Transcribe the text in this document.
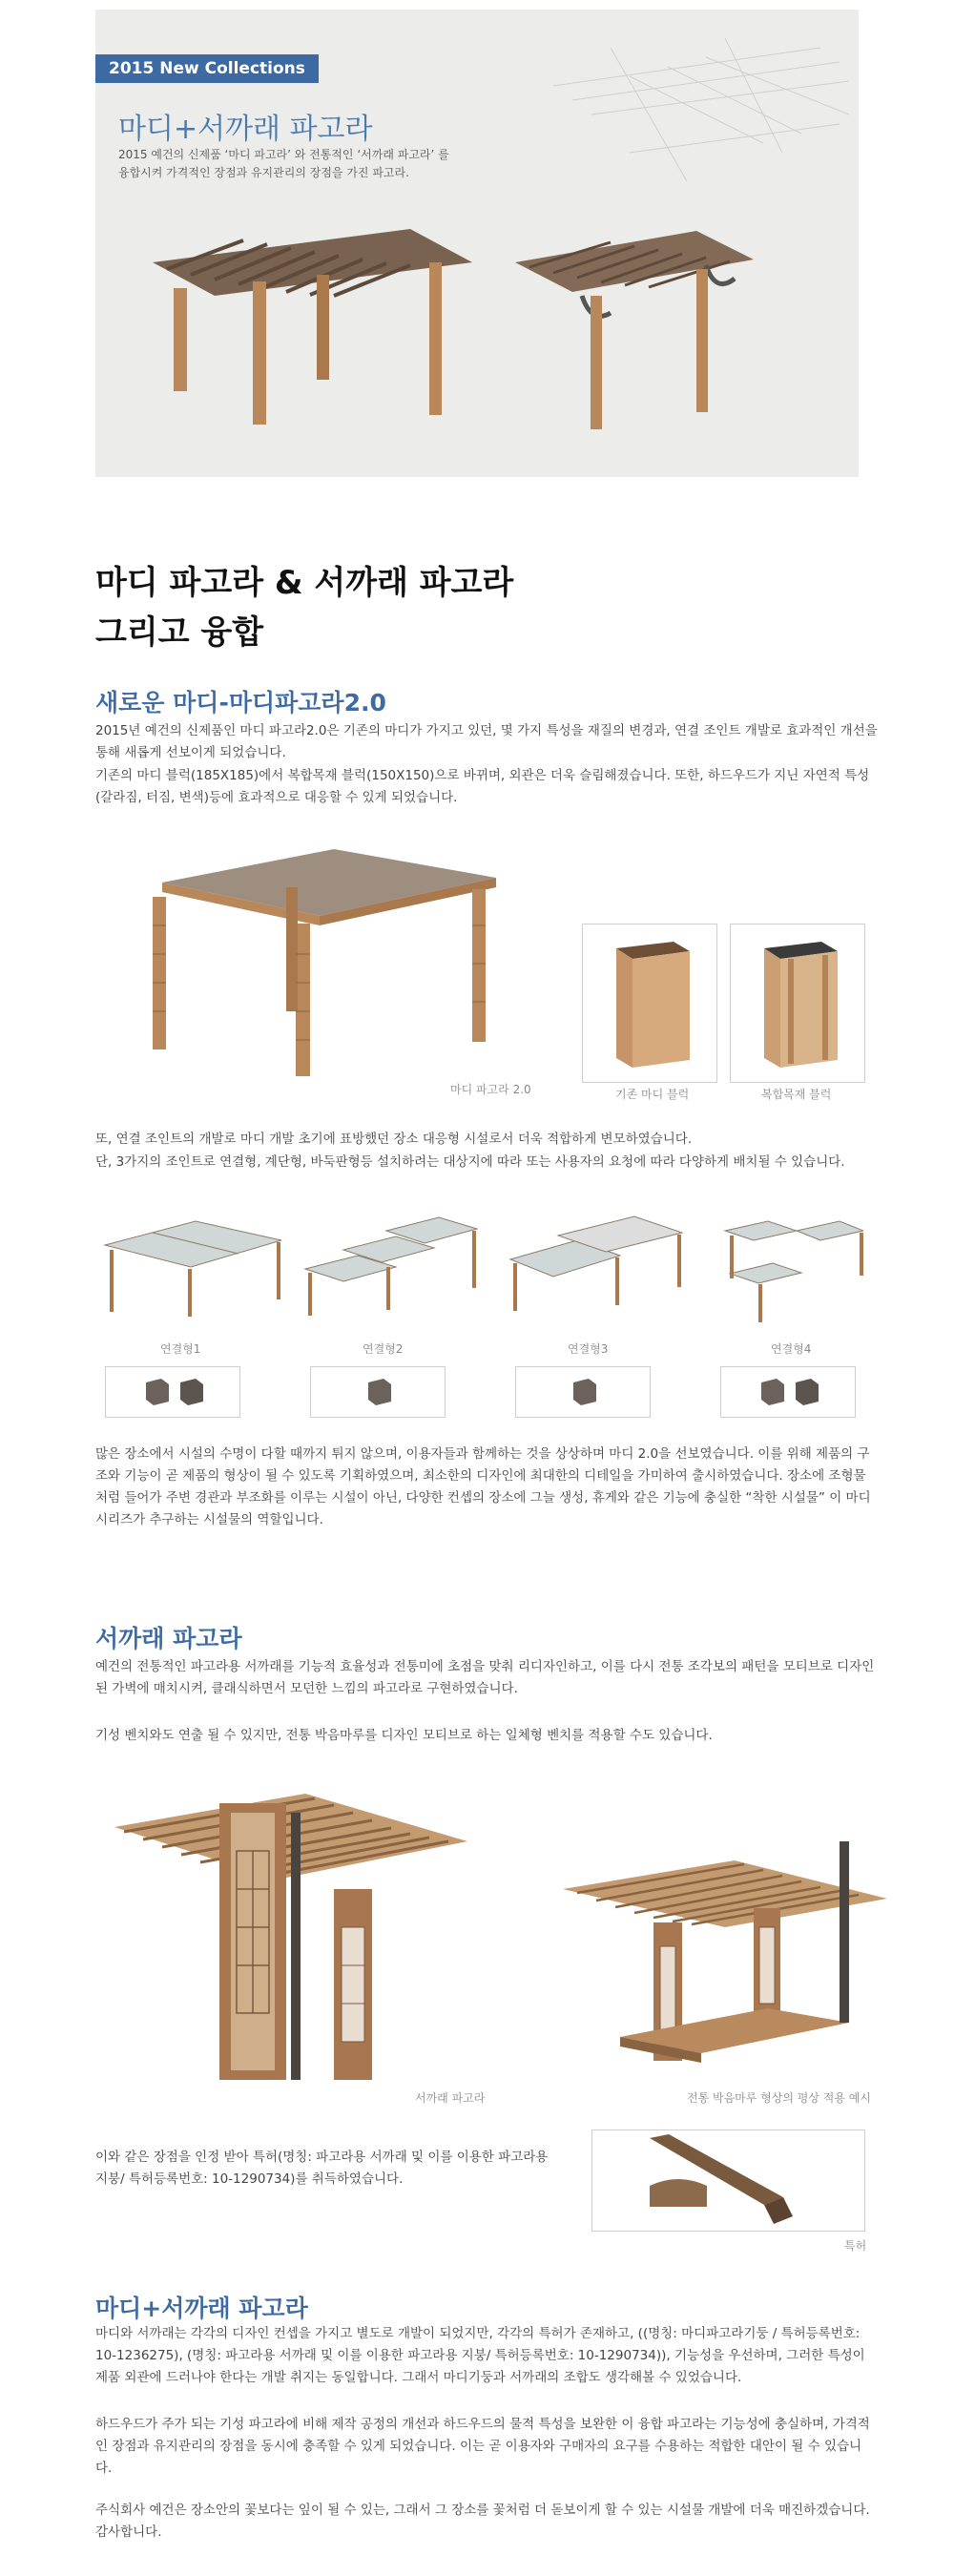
2015 New Collections
마디+서까래 파고라
2015 예건의 신제품 ‘마디 파고라’ 와 전통적인 ‘서까래 파고라’ 를
융합시켜 가격적인 장점과 유지관리의 장점을 가진 파고라.
마디 파고라 & 서까래 파고라
그리고 융합
새로운 마디-마디파고라2.0
2015년 예건의 신제품인 마디 파고라2.0은 기존의 마디가 가지고 있던, 몇 가지 특성을 재질의 변경과, 연결 조인트 개발로 효과적인 개선을 통해 새롭게 선보이게 되었습니다.
기존의 마디 블럭(185X185)에서 복합목재 블럭(150X150)으로 바뀌며, 외관은 더욱 슬림해졌습니다. 또한, 하드우드가 지닌 자연적 특성(갈라짐, 터짐, 변색)등에 효과적으로 대응할 수 있게 되었습니다.
마디 파고라 2.0	기존 마디 블럭	복합목재 블럭
또, 연결 조인트의 개발로 마디 개발 초기에 표방했던 장소 대응형 시설로서 더욱 적합하게 변모하였습니다.
단, 3가지의 조인트로 연결형, 계단형, 바둑판형등 설치하려는 대상지에 따라 또는 사용자의 요청에 따라 다양하게 배치될 수 있습니다.
연결형1	연결형2	연결형3	연결형4
많은 장소에서 시설의 수명이 다할 때까지 튀지 않으며, 이용자들과 함께하는 것을 상상하며 마디 2.0을 선보였습니다. 이를 위해 제품의 구조와 기능이 곧 제품의 형상이 될 수 있도록 기획하였으며, 최소한의 디자인에 최대한의 디테일을 가미하여 출시하였습니다. 장소에 조형물처럼 들어가 주변 경관과 부조화를 이루는 시설이 아닌, 다양한 컨셉의 장소에 그늘 생성, 휴게와 같은 기능에 충실한 “착한 시설물” 이 마디 시리즈가 추구하는 시설물의 역할입니다.
서까래 파고라
예건의 전통적인 파고라용 서까래를 기능적 효율성과 전통미에 초점을 맞춰 리디자인하고, 이를 다시 전통 조각보의 패턴을 모티브로 디자인 된 가벽에 매치시켜, 클래식하면서 모던한 느낌의 파고라로 구현하였습니다.
기성 벤치와도 연출 될 수 있지만, 전통 박음마루를 디자인 모티브로 하는 일체형 벤치를 적용할 수도 있습니다.
서까래 파고라	전통 박음마루 형상의 평상 적용 예시
이와 같은 장점을 인정 받아 특허(명칭: 파고라용 서까래 및 이를 이용한 파고라용
지붕/ 특허등록번호: 10-1290734)를 취득하였습니다.
특허
마디+서까래 파고라
마디와 서까래는 각각의 디자인 컨셉을 가지고 별도로 개발이 되었지만, 각각의 특허가 존재하고, ((명칭: 마디파고라기둥 / 특허등록번호: 10-1236275), (명칭: 파고라용 서까래 및 이를 이용한 파고라용 지붕/ 특허등록번호: 10-1290734)), 기능성을 우선하며, 그러한 특성이 제품 외관에 드러나야 한다는 개발 취지는 동일합니다. 그래서 마디기둥과 서까래의 조합도 생각해볼 수 있었습니다.
하드우드가 주가 되는 기성 파고라에 비해 제작 공정의 개선과 하드우드의 물적 특성을 보완한 이 융합 파고라는 기능성에 충실하며, 가격적인 장점과 유지관리의 장점을 동시에 충족할 수 있게 되었습니다. 이는 곧 이용자와 구매자의 요구를 수용하는 적합한 대안이 될 수 있습니다.
주식회사 예건은 장소안의 꽃보다는 잎이 될 수 있는, 그래서 그 장소를 꽃처럼 더 돋보이게 할 수 있는 시설물 개발에 더욱 매진하겠습니다. 감사합니다.
